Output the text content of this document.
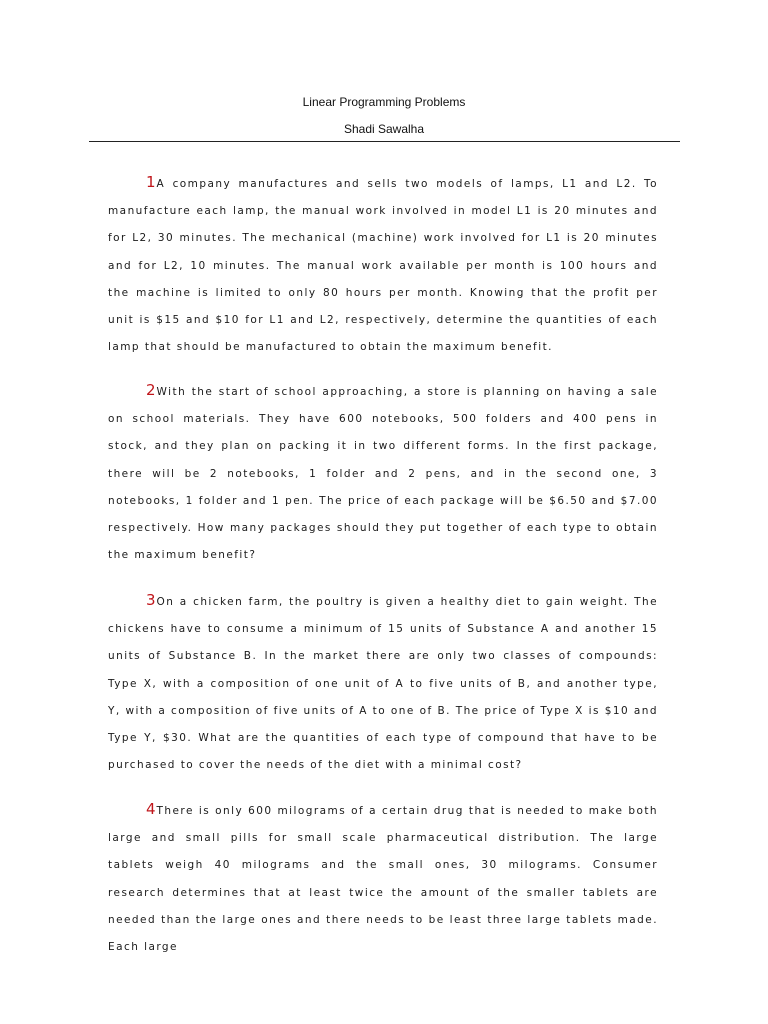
Linear Programming Problems
Shadi Sawalha
1A company manufactures and sells two models of lamps, L1 and L2. To manufacture each lamp, the manual work involved in model L1 is 20 minutes and for L2, 30 minutes. The mechanical (machine) work involved for L1 is 20 minutes and for L2, 10 minutes. The manual work available per month is 100 hours and the machine is limited to only 80 hours per month. Knowing that the profit per unit is $15 and $10 for L1 and L2, respectively, determine the quantities of each lamp that should be manufactured to obtain the maximum benefit.
2With the start of school approaching, a store is planning on having a sale on school materials. They have 600 notebooks, 500 folders and 400 pens in stock, and they plan on packing it in two different forms. In the first package, there will be 2 notebooks, 1 folder and 2 pens, and in the second one, 3 notebooks, 1 folder and 1 pen. The price of each package will be $6.50 and $7.00 respectively. How many packages should they put together of each type to obtain the maximum benefit?
3On a chicken farm, the poultry is given a healthy diet to gain weight. The chickens have to consume a minimum of 15 units of Substance A and another 15 units of Substance B. In the market there are only two classes of compounds: Type X, with a composition of one unit of A to five units of B, and another type, Y, with a composition of five units of A to one of B. The price of Type X is $10 and Type Y, $30. What are the quantities of each type of compound that have to be purchased to cover the needs of the diet with a minimal cost?
4There is only 600 milograms of a certain drug that is needed to make both large and small pills for small scale pharmaceutical distribution. The large tablets weigh 40 milograms and the small ones, 30 milograms. Consumer research determines that at least twice the amount of the smaller tablets are needed than the large ones and there needs to be least three large tablets made. Each large
